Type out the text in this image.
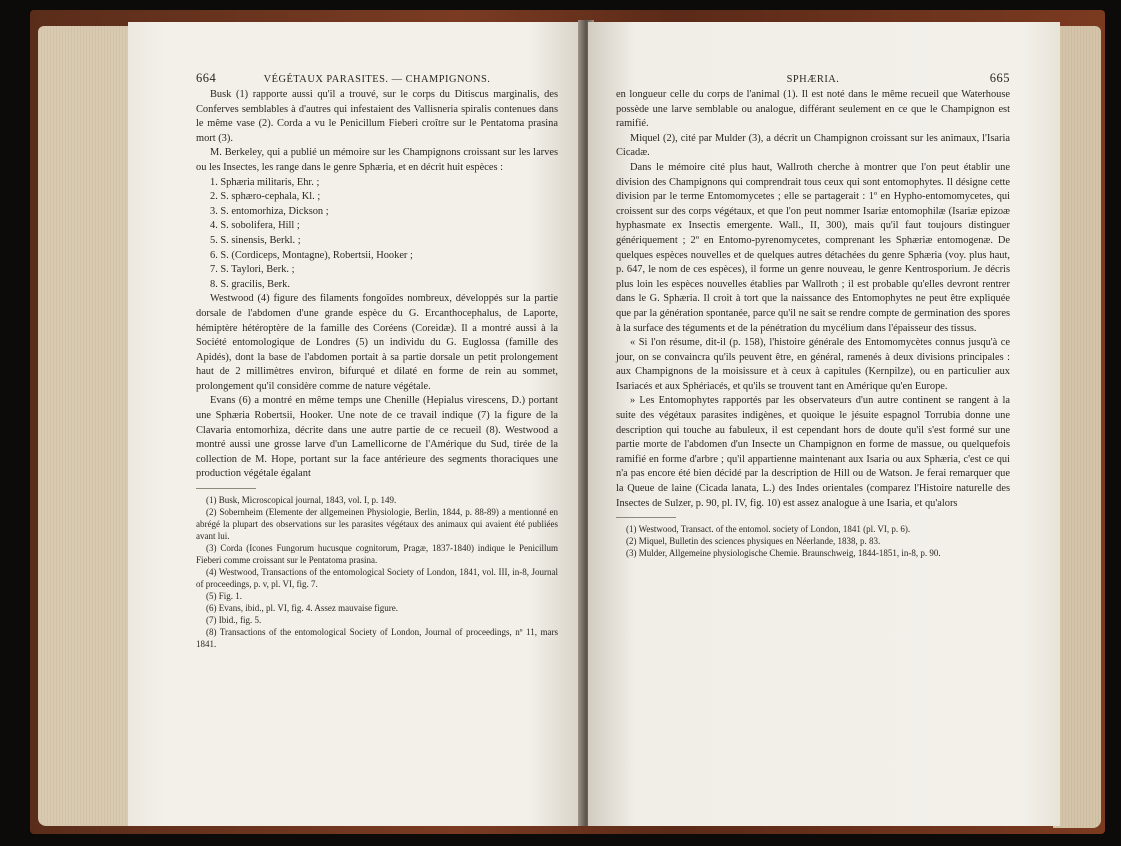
664	VÉGÉTAUX PARASITES. — CHAMPIGNONS.

Busk (1) rapporte aussi qu'il a trouvé, sur le corps du Ditiscus marginalis, des Conferves semblables à d'autres qui infestaient des Vallisneria spiralis contenues dans le même vase (2). Corda a vu le Penicillum Fieberi croître sur le Pentatoma prasina mort (3).

M. Berkeley, qui a publié un mémoire sur les Champignons croissant sur les larves ou les Insectes, les range dans le genre Sphæria, et en décrit huit espèces :

1. Sphæria militaris, Ehr. ;
2. S. sphæro-cephala, Kl. ;
3. S. entomorhiza, Dickson ;
4. S. sobolifera, Hill ;
5. S. sinensis, Berkl. ;
6. S. (Cordiceps, Montagne), Robertsii, Hooker ;
7. S. Taylori, Berk. ;
8. S. gracilis, Berk.

Westwood (4) figure des filaments fongoïdes nombreux, développés sur la partie dorsale de l'abdomen d'une grande espèce du G. Ercanthocephalus, de Laporte, hémiptère hétéroptère de la famille des Coréens (Coreidæ). Il a montré aussi à la Société entomologique de Londres (5) un individu du G. Euglossa (famille des Apidés), dont la base de l'abdomen portait à sa partie dorsale un petit prolongement haut de 2 millimètres environ, bifurqué et dilaté en forme de rein au sommet, prolongement qu'il considère comme de nature végétale.

Evans (6) a montré en même temps une Chenille (Hepialus virescens, D.) portant une Sphæria Robertsii, Hooker. Une note de ce travail indique (7) la figure de la Clavaria entomorhiza, décrite dans une autre partie de ce recueil (8). Westwood a montré aussi une grosse larve d'un Lamellicorne de l'Amérique du Sud, tirée de la collection de M. Hope, portant sur la face antérieure des segments thoraciques une production végétale égalant

(1) Busk, Microscopical journal, 1843, vol. I, p. 149.

(2) Sobernheim (Elemente der allgemeinen Physiologie, Berlin, 1844, p. 88-89) a mentionné en abrégé la plupart des observations sur les parasites végétaux des animaux qui avaient été publiées avant lui.

(3) Corda (Icones Fungorum hucusque cognitorum, Pragæ, 1837-1840) indique le Penicillum Fieberi comme croissant sur le Pentatoma prasina.

(4) Westwood, Transactions of the entomological Society of London, 1841, vol. III, in-8, Journal of proceedings, p. v, pl. VI, fig. 7.

(5) Fig. 1.

(6) Evans, ibid., pl. VI, fig. 4. Assez mauvaise figure.

(7) Ibid., fig. 5.

(8) Transactions of the entomological Society of London, Journal of proceedings, nº 11, mars 1841.

SPHÆRIA.	665

en longueur celle du corps de l'animal (1). Il est noté dans le même recueil que Waterhouse possède une larve semblable ou analogue, différant seulement en ce que le Champignon est ramifié.

Miquel (2), cité par Mulder (3), a décrit un Champignon croissant sur les animaux, l'Isaria Cicadæ.

Dans le mémoire cité plus haut, Wallroth cherche à montrer que l'on peut établir une division des Champignons qui comprendrait tous ceux qui sont entomophytes. Il désigne cette division par le terme Entomomycetes ; elle se partagerait : 1º en Hypho-entomomycetes, qui croissent sur des corps végétaux, et que l'on peut nommer Isariæ entomophilæ (Isariæ epizoæ hyphasmate ex Insectis emergente. Wall., II, 300), mais qu'il faut toujours distinguer génériquement ; 2º en Entomo-pyrenomycetes, comprenant les Sphæriæ entomogenæ. De quelques espèces nouvelles et de quelques autres détachées du genre Sphæria (voy. plus haut, p. 647, le nom de ces espèces), il forme un genre nouveau, le genre Kentrosporium. Je décris plus loin les espèces nouvelles établies par Wallroth ; il est probable qu'elles devront rentrer dans le G. Sphæria. Il croit à tort que la naissance des Entomophytes ne peut être expliquée que par la génération spontanée, parce qu'il ne sait se rendre compte de germination des spores à la surface des téguments et de la pénétration du mycélium dans l'épaisseur des tissus.

« Si l'on résume, dit-il (p. 158), l'histoire générale des Entomomycètes connus jusqu'à ce jour, on se convaincra qu'ils peuvent être, en général, ramenés à deux divisions principales : aux Champignons de la moisissure et à ceux à capitules (Kernpilze), ou en particulier aux Isariacés et aux Sphériacés, et qu'ils se trouvent tant en Amérique qu'en Europe.

» Les Entomophytes rapportés par les observateurs d'un autre continent se rangent à la suite des végétaux parasites indigènes, et quoique le jésuite espagnol Torrubia donne une description qui touche au fabuleux, il est cependant hors de doute qu'il s'est formé sur une partie morte de l'abdomen d'un Insecte un Champignon en forme de massue, ou quelquefois ramifié en forme d'arbre ; qu'il appartienne maintenant aux Isaria ou aux Sphæria, c'est ce qui n'a pas encore été bien décidé par la description de Hill ou de Watson. Je ferai remarquer que la Queue de laine (Cicada lanata, L.) des Indes orientales (comparez l'Histoire naturelle des Insectes de Sulzer, p. 90, pl. IV, fig. 10) est assez analogue à une Isaria, et qu'alors

(1) Westwood, Transact. of the entomol. society of London, 1841 (pl. VI, p. 6).

(2) Miquel, Bulletin des sciences physiques en Néerlande, 1838, p. 83.

(3) Mulder, Allgemeine physiologische Chemie. Braunschweig, 1844-1851, in-8, p. 90.
